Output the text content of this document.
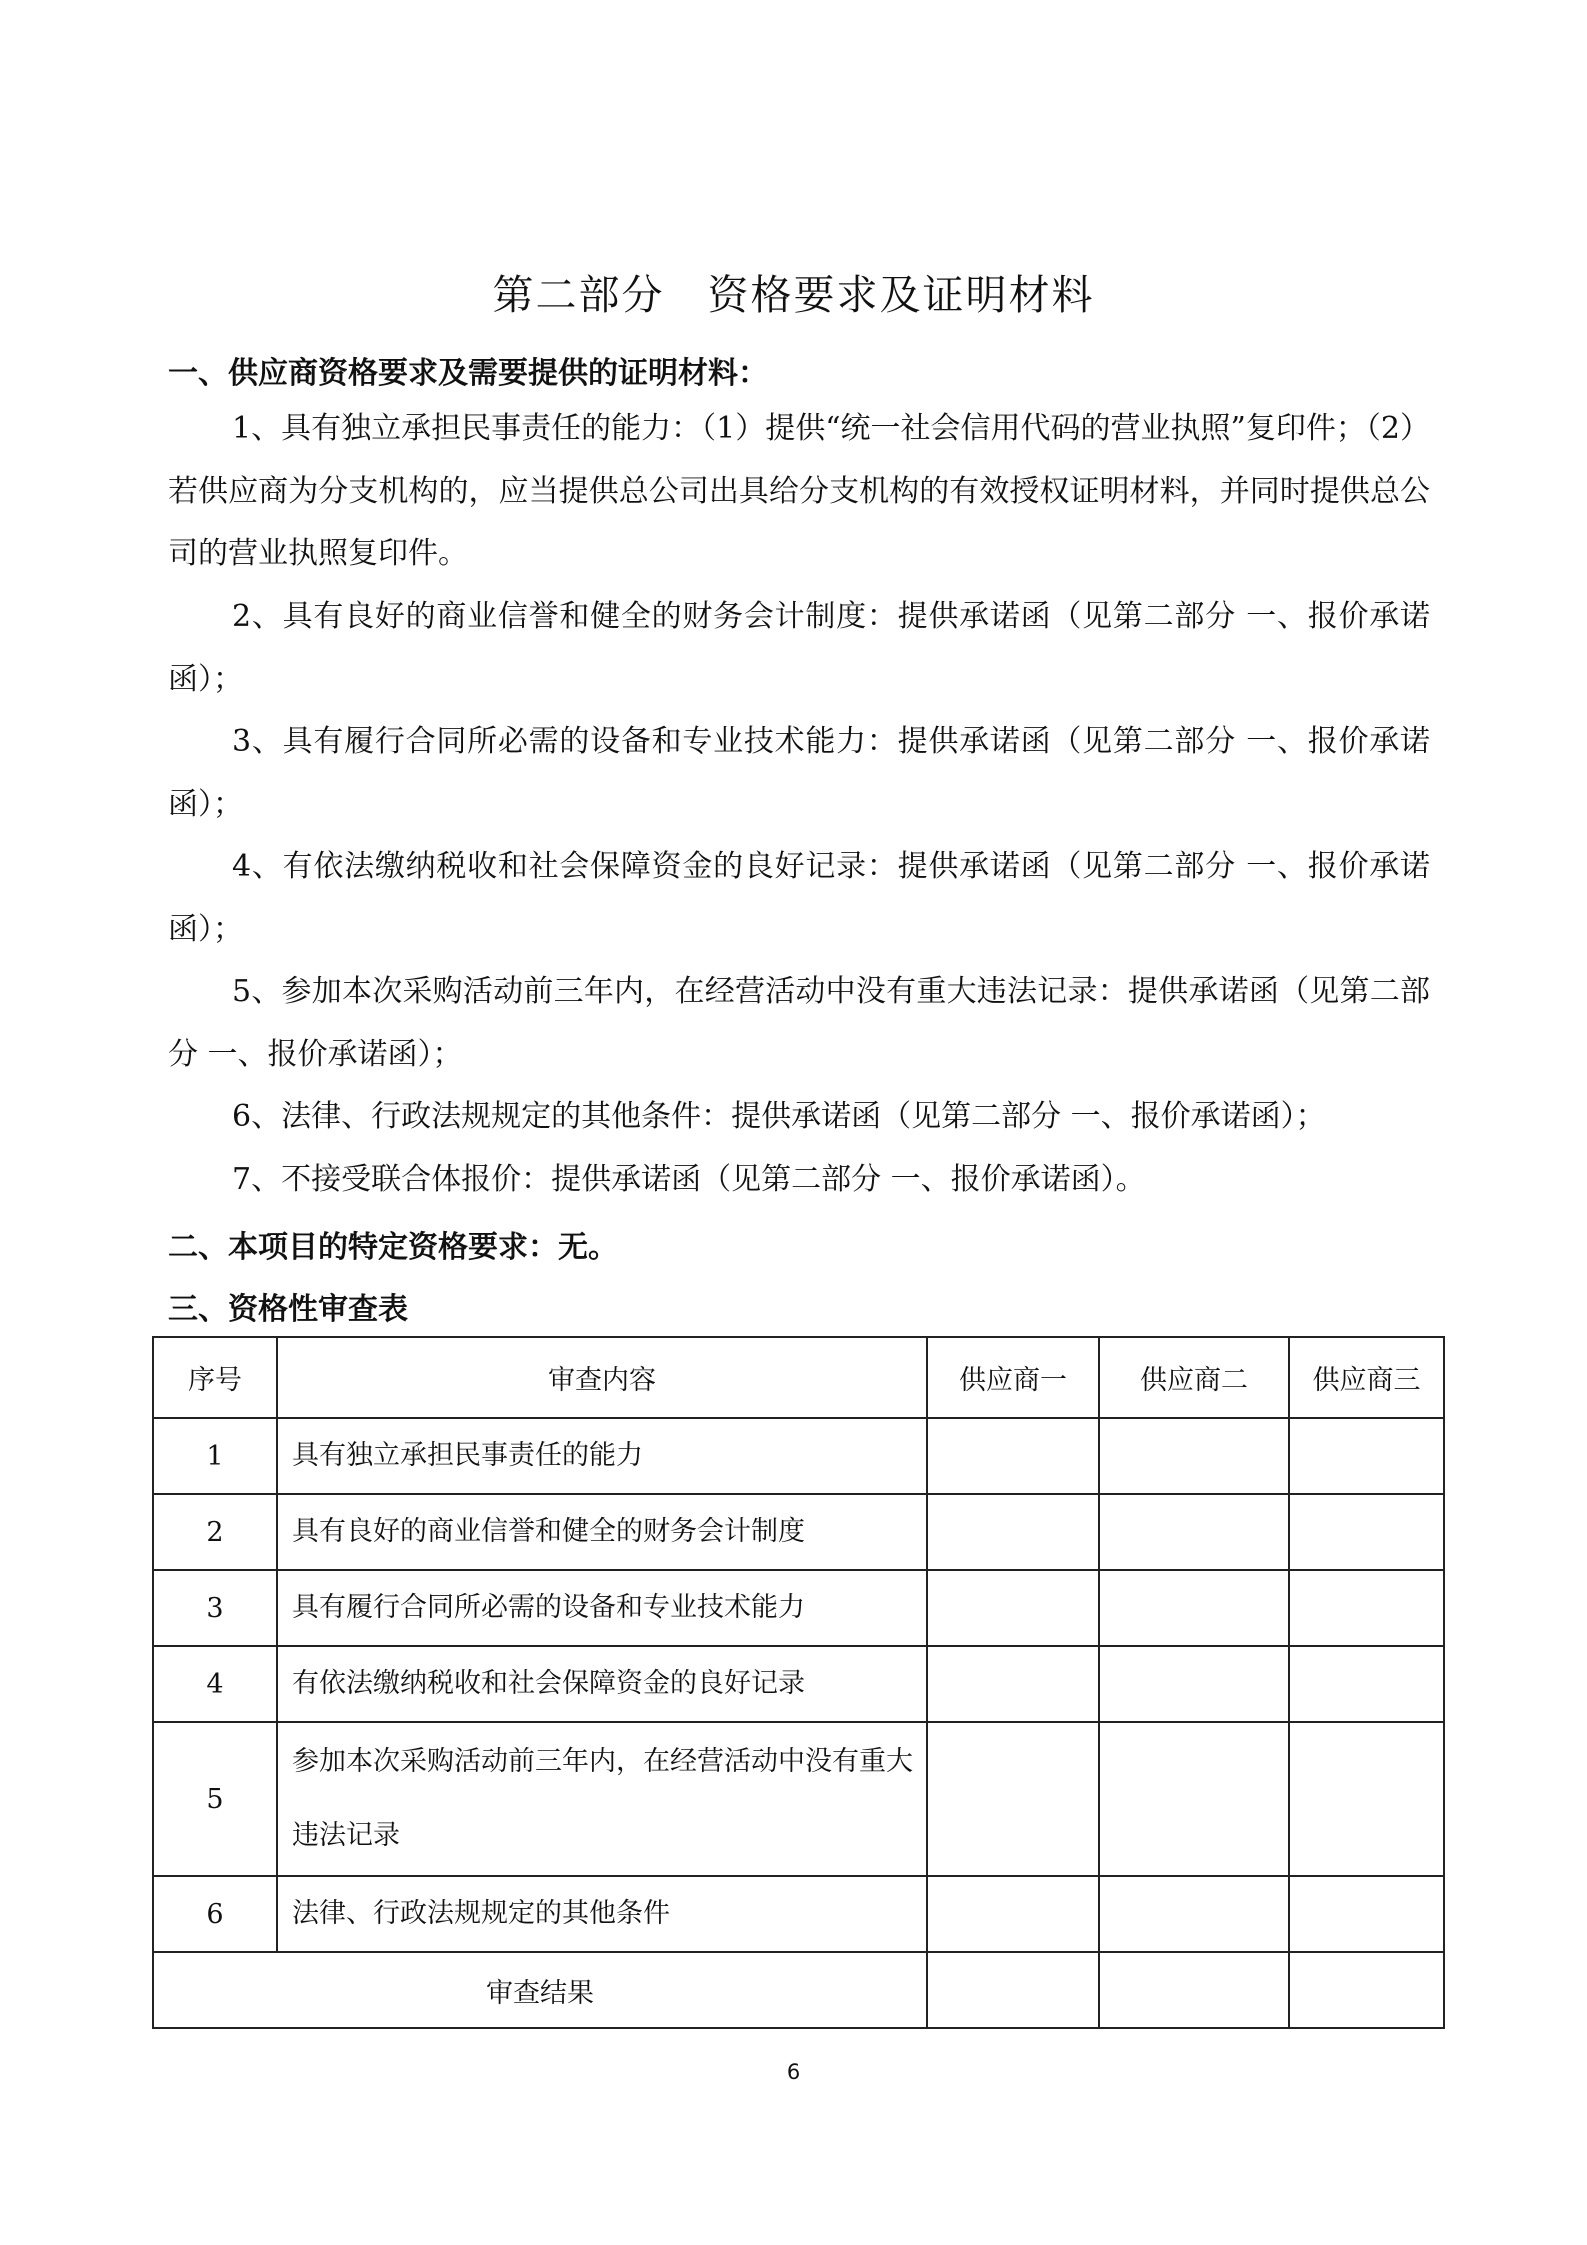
第二部分　资格要求及证明材料
一、供应商资格要求及需要提供的证明材料：
1、具有独立承担民事责任的能力：（1）提供“统一社会信用代码的营业执照”复印件；（2）若供应商为分支机构的，应当提供总公司出具给分支机构的有效授权证明材料，并同时提供总公司的营业执照复印件。
2、具有良好的商业信誉和健全的财务会计制度：提供承诺函（见第二部分 一、报价承诺函）；
3、具有履行合同所必需的设备和专业技术能力：提供承诺函（见第二部分 一、报价承诺函）；
4、有依法缴纳税收和社会保障资金的良好记录：提供承诺函（见第二部分 一、报价承诺函）；
5、参加本次采购活动前三年内，在经营活动中没有重大违法记录：提供承诺函（见第二部分 一、报价承诺函）；
6、法律、行政法规规定的其他条件：提供承诺函（见第二部分 一、报价承诺函）；
7、不接受联合体报价：提供承诺函（见第二部分 一、报价承诺函）。
二、本项目的特定资格要求：无。
三、资格性审查表
序号	审查内容	供应商一	供应商二	供应商三
1	具有独立承担民事责任的能力			
2	具有良好的商业信誉和健全的财务会计制度			
3	具有履行合同所必需的设备和专业技术能力			
4	有依法缴纳税收和社会保障资金的良好记录			
5	参加本次采购活动前三年内，在经营活动中没有重大违法记录			
6	法律、行政法规规定的其他条件			
审查结果				
6
